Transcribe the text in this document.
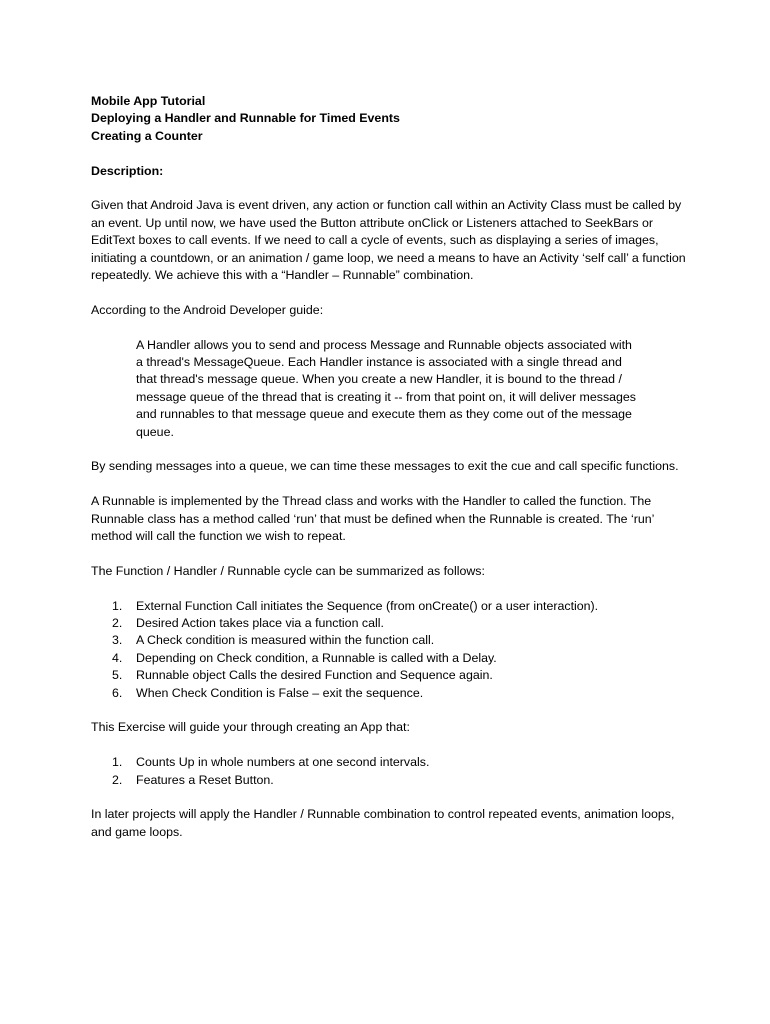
Mobile App Tutorial
Deploying a Handler and Runnable for Timed Events
Creating a Counter
Description:

Given that Android Java is event driven, any action or function call within an Activity Class must be called by an event. Up until now, we have used the Button attribute onClick or Listeners attached to SeekBars or EditText boxes to call events. If we need to call a cycle of events, such as displaying a series of images, initiating a countdown, or an animation / game loop, we need a means to have an Activity ‘self call’ a function repeatedly. We achieve this with a “Handler – Runnable” combination.

According to the Android Developer guide:

A Handler allows you to send and process Message and Runnable objects associated with a thread's MessageQueue. Each Handler instance is associated with a single thread and that thread's message queue. When you create a new Handler, it is bound to the thread / message queue of the thread that is creating it -- from that point on, it will deliver messages and runnables to that message queue and execute them as they come out of the message queue.

By sending messages into a queue, we can time these messages to exit the cue and call specific functions.

A Runnable is implemented by the Thread class and works with the Handler to called the function. The Runnable class has a method called ‘run’ that must be defined when the Runnable is created. The ‘run’ method will call the function we wish to repeat.

The Function / Handler / Runnable cycle can be summarized as follows:

1. External Function Call initiates the Sequence (from onCreate() or a user interaction).
2. Desired Action takes place via a function call.
3. A Check condition is measured within the function call.
4. Depending on Check condition, a Runnable is called with a Delay.
5. Runnable object Calls the desired Function and Sequence again.
6. When Check Condition is False – exit the sequence.

This Exercise will guide your through creating an App that:

1. Counts Up in whole numbers at one second intervals.
2. Features a Reset Button.

In later projects will apply the Handler / Runnable combination to control repeated events, animation loops, and game loops.
